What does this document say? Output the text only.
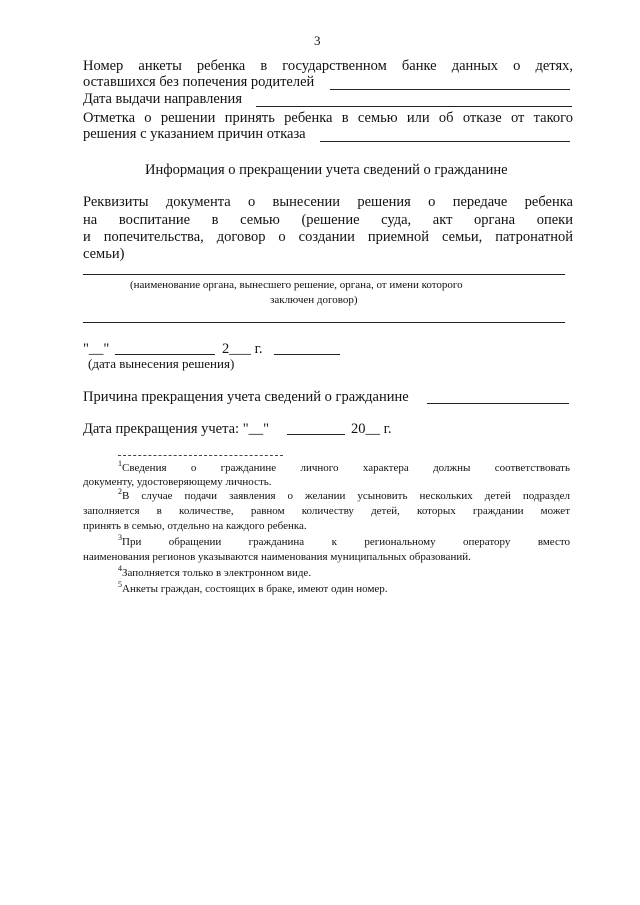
3
Номер анкеты ребенка в государственном банке данных о детях,
оставшихся без попечения родителей
Дата выдачи направления
Отметка о решении принять ребенка в семью или об отказе от такого
решения с указанием причин отказа
Информация о прекращении учета сведений о гражданине
Реквизиты документа о вынесении решения о передаче ребенка
на воспитание в семью (решение суда, акт органа опеки
и попечительства, договор о создании приемной семьи, патронатной
семьи)
(наименование органа, вынесшего решение, органа, от имени которого
заключен договор)
"__"	2___ г.
(дата вынесения решения)
Причина прекращения учета сведений о гражданине
Дата прекращения учета: "__"	20__ г.
$^1$Сведения о гражданине личного характера должны соответствовать
документу, удостоверяющему личность.
$^2$В случае подачи заявления о желании усыновить нескольких детей подраздел
заполняется в количестве, равном количеству детей, которых граждании может
принять в семью, отдельно на каждого ребенка.
$^3$При обращении гражданина к региональному оператору вместо
наименования регионов указываются наименования муниципальных образований.
$^4$Заполняется только в электронном виде.
$^5$Анкеты граждан, состоящих в браке, имеют один номер.
